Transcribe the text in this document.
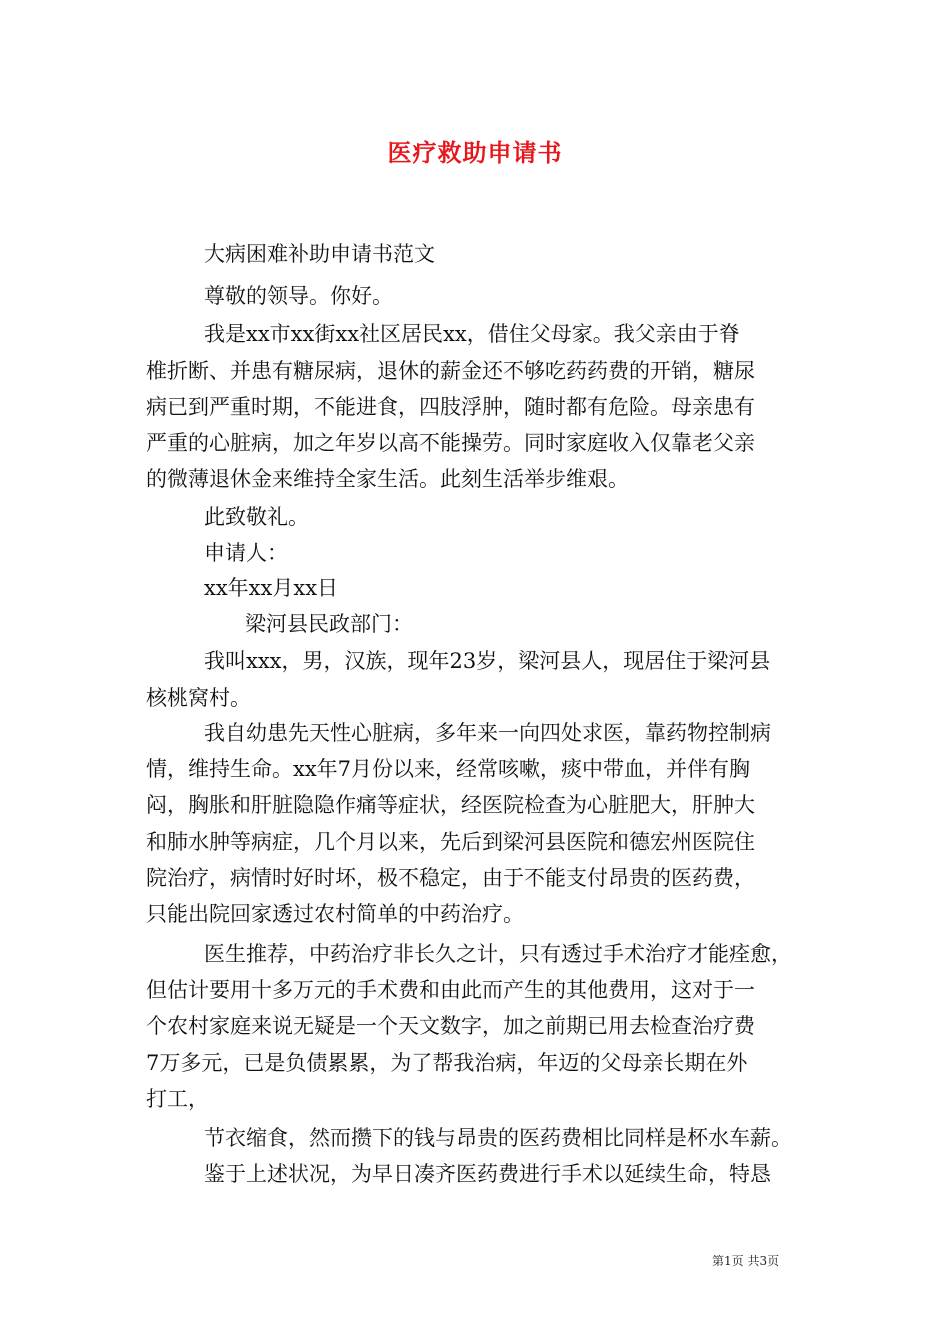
医疗救助申请书
大病困难补助申请书范文
尊敬的领导。你好。
我是xx市xx街xx社区居民xx，借住父母家。我父亲由于脊
椎折断、并患有糖尿病，退休的薪金还不够吃药药费的开销，糖尿
病已到严重时期，不能进食，四肢浮肿，随时都有危险。母亲患有
严重的心脏病，加之年岁以高不能操劳。同时家庭收入仅靠老父亲
的微薄退休金来维持全家生活。此刻生活举步维艰。
此致敬礼。
申请人：
xx年xx月xx日
梁河县民政部门：
我叫xxx，男，汉族，现年23岁，梁河县人，现居住于梁河县
核桃窝村。
我自幼患先天性心脏病，多年来一向四处求医，靠药物控制病
情，维持生命。xx年7月份以来，经常咳嗽，痰中带血，并伴有胸
闷，胸胀和肝脏隐隐作痛等症状，经医院检查为心脏肥大，肝肿大
和肺水肿等病症，几个月以来，先后到梁河县医院和德宏州医院住
院治疗，病情时好时坏，极不稳定，由于不能支付昂贵的医药费，
只能出院回家透过农村简单的中药治疗。
医生推荐，中药治疗非长久之计，只有透过手术治疗才能痊愈，
但估计要用十多万元的手术费和由此而产生的其他费用，这对于一
个农村家庭来说无疑是一个天文数字，加之前期已用去检查治疗费
7万多元，已是负债累累，为了帮我治病，年迈的父母亲长期在外
打工，
节衣缩食，然而攒下的钱与昂贵的医药费相比同样是杯水车薪。
鉴于上述状况，为早日凑齐医药费进行手术以延续生命，特恳
第1页 共3页
